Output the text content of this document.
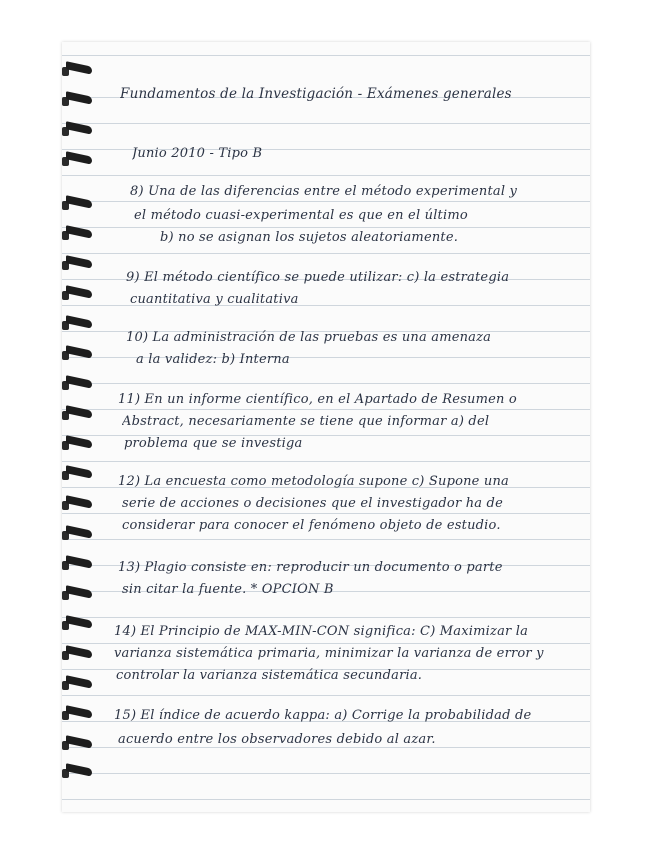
Fundamentos de la Investigación - Exámenes generales
Junio 2010 - Tipo B
8) Una de las diferencias entre el método experimental y
el método cuasi-experimental es que en el último
b) no se asignan los sujetos aleatoriamente.
9) El método científico se puede utilizar: c) la estrategia
cuantitativa y cualitativa
10) La administración de las pruebas es una amenaza
a la validez: b) Interna
11) En un informe científico, en el Apartado de Resumen o
Abstract, necesariamente se tiene que informar a) del
problema que se investiga
12) La encuesta como metodología supone c) Supone una
serie de acciones o decisiones que el investigador ha de
considerar para conocer el fenómeno objeto de estudio.
13) Plagio consiste en: reproducir un documento o parte
sin citar la fuente. * OPCIÓN B
14) El Principio de MAX-MIN-CON significa: C) Maximizar la
varianza sistemática primaria, minimizar la varianza de error y
controlar la varianza sistemática secundaria.
15) El índice de acuerdo kappa: a) Corrige la probabilidad de
acuerdo entre los observadores debido al azar.
